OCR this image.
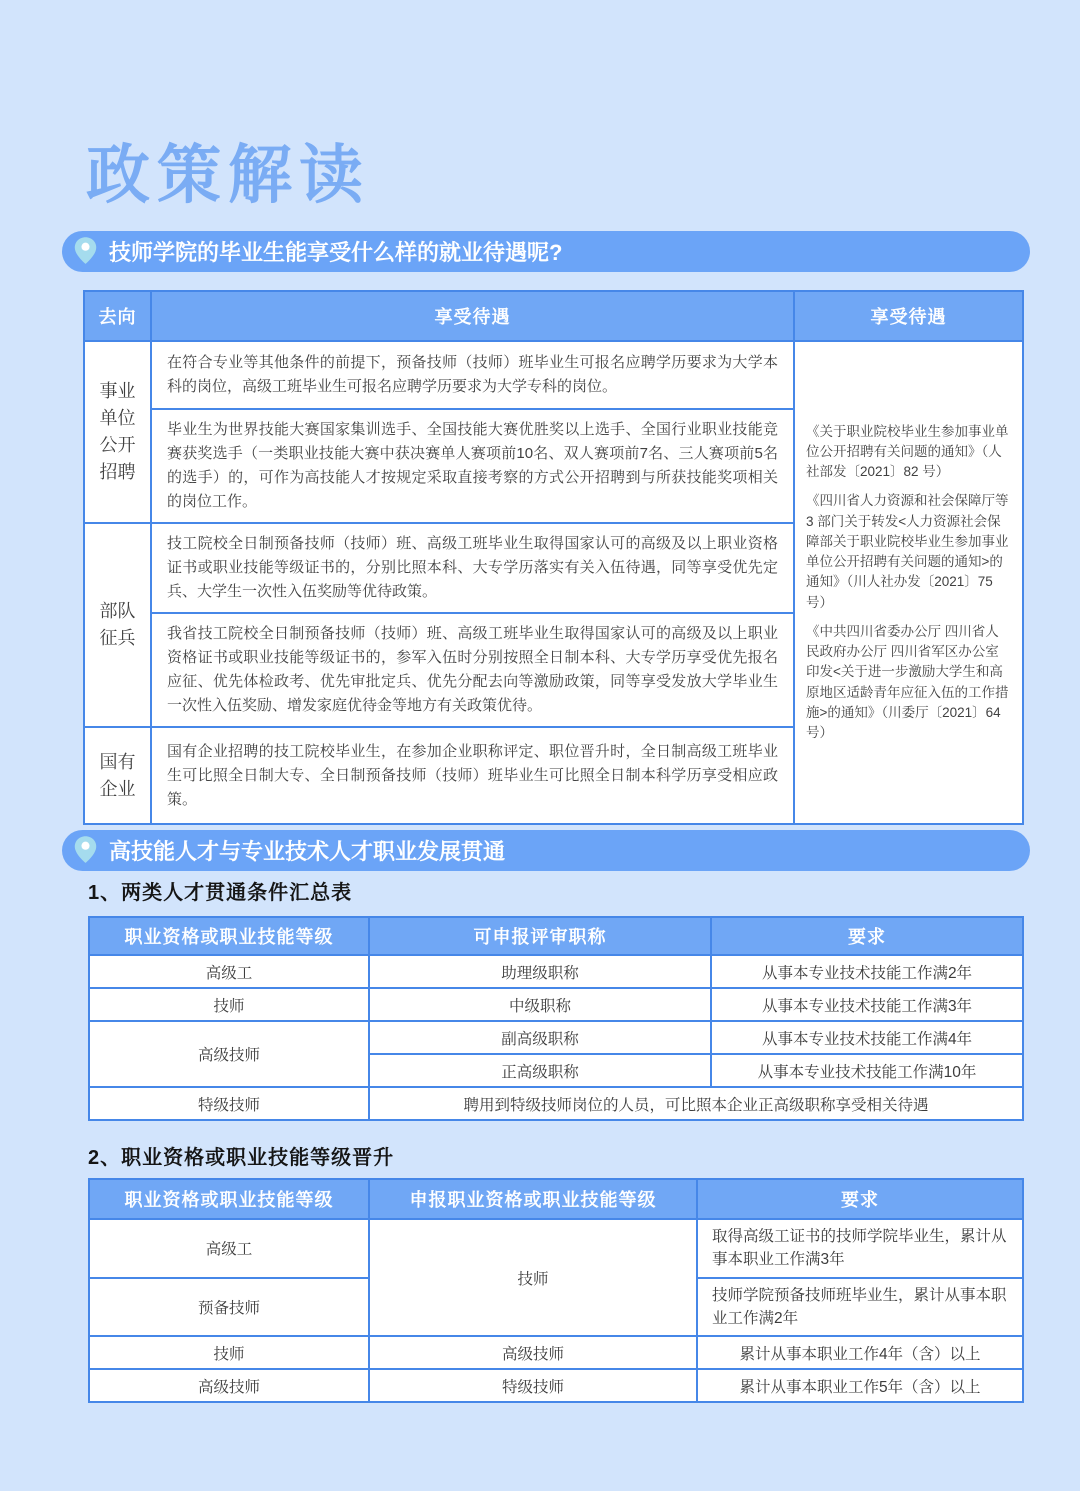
政策解读
技师学院的毕业生能享受什么样的就业待遇呢?
去向	享受待遇	享受待遇
事业单位公开招聘	在符合专业等其他条件的前提下，预备技师（技师）班毕业生可报名应聘学历要求为大学本科的岗位，高级工班毕业生可报名应聘学历要求为大学专科的岗位。	《关于职业院校毕业生参加事业单位公开招聘有关问题的通知》（人社部发〔2021〕82 号）

《四川省人力资源和社会保障厅等 3 部门关于转发<人力资源社会保障部关于职业院校毕业生参加事业单位公开招聘有关问题的通知>的通知》（川人社办发〔2021〕75 号）

《中共四川省委办公厅 四川省人民政府办公厅 四川省军区办公室印发<关于进一步激励大学生和高原地区适龄青年应征入伍的工作措施>的通知》（川委厅〔2021〕64 号）

	毕业生为世界技能大赛国家集训选手、全国技能大赛优胜奖以上选手、全国行业职业技能竞赛获奖选手（一类职业技能大赛中获决赛单人赛项前10名、双人赛项前7名、三人赛项前5名的选手）的，可作为高技能人才按规定采取直接考察的方式公开招聘到与所获技能奖项相关的岗位工作。	
部队征兵	技工院校全日制预备技师（技师）班、高级工班毕业生取得国家认可的高级及以上职业资格证书或职业技能等级证书的，分别比照本科、大专学历落实有关入伍待遇，同等享受优先定兵、大学生一次性入伍奖励等优待政策。	
	我省技工院校全日制预备技师（技师）班、高级工班毕业生取得国家认可的高级及以上职业资格证书或职业技能等级证书的，参军入伍时分别按照全日制本科、大专学历享受优先报名应征、优先体检政考、优先审批定兵、优先分配去向等激励政策，同等享受发放大学毕业生一次性入伍奖励、增发家庭优待金等地方有关政策优待。	
国有企业	国有企业招聘的技工院校毕业生，在参加企业职称评定、职位晋升时，全日制高级工班毕业生可比照全日制大专、全日制预备技师（技师）班毕业生可比照全日制本科学历享受相应政策。	
高技能人才与专业技术人才职业发展贯通

1、两类人才贯通条件汇总表

职业资格或职业技能等级	可申报评审职称	要求
高级工	助理级职称	从事本专业技术技能工作满2年
技师	中级职称	从事本专业技术技能工作满3年
高级技师	副高级职称	从事本专业技术技能工作满4年
	正高级职称	从事本专业技术技能工作满10年
特级技师	聘用到特级技师岗位的人员，可比照本企业正高级职称享受相关待遇	

2、职业资格或职业技能等级晋升

职业资格或职业技能等级	申报职业资格或职业技能等级	要求
高级工	技师	取得高级工证书的技师学院毕业生，累计从事本职业工作满3年
预备技师		技师学院预备技师班毕业生，累计从事本职业工作满2年
技师	高级技师	累计从事本职业工作4年（含）以上
高级技师	特级技师	累计从事本职业工作5年（含）以上
